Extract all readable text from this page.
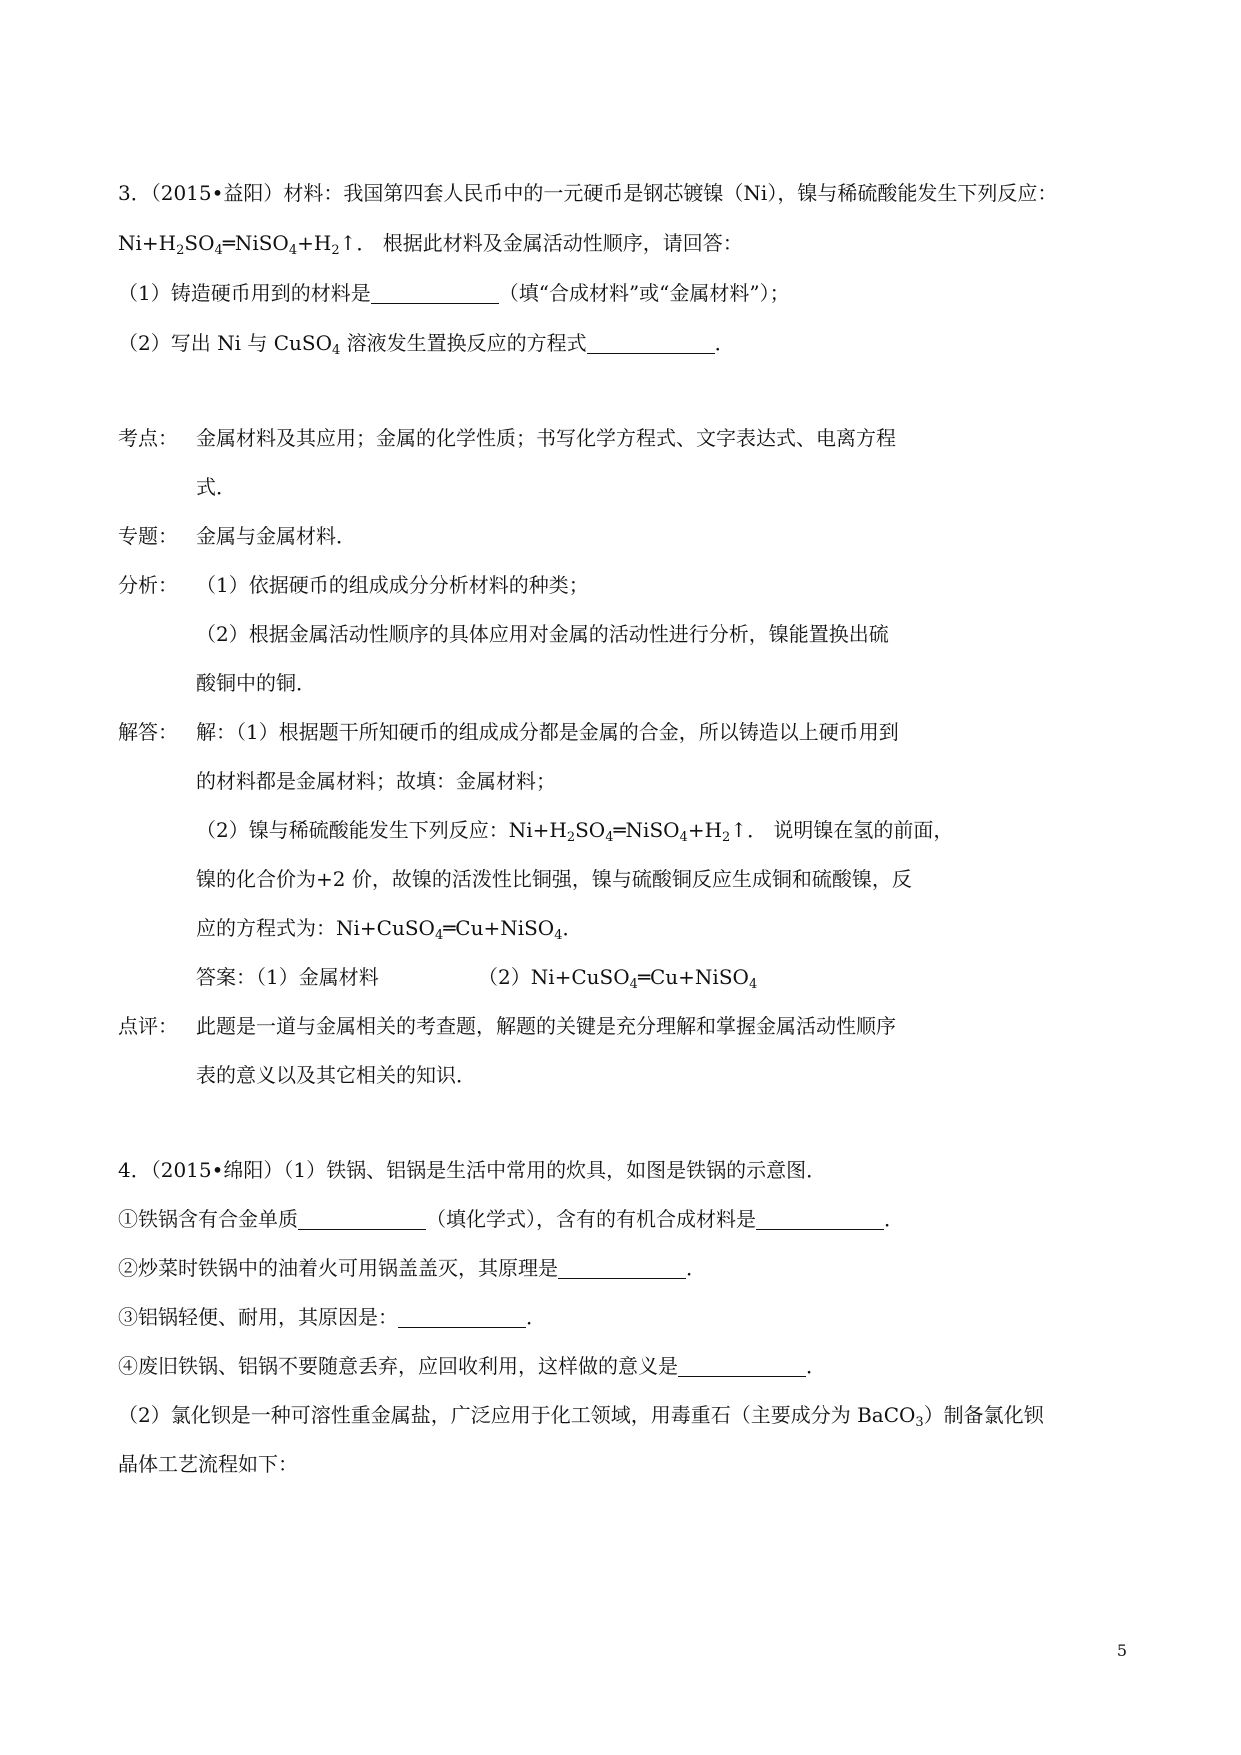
3．（2015•益阳）材料：我国第四套人民币中的一元硬币是钢芯镀镍（Ni），镍与稀硫酸能发生下列反应：
$Ni+H_2SO_4═NiSO_4+H_2↑$． 根据此材料及金属活动性顺序，请回答：
（1）铸造硬币用到的材料是	（填“合成材料”或“金属材料”）；
（2）写出 Ni 与 CuSO$_4$ 溶液发生置换反应的方程式	．
考点： 金属材料及其应用；金属的化学性质；书写化学方程式、文字表达式、电离方程
式．
专题： 金属与金属材料．
分析： （1）依据硬币的组成成分分析材料的种类；
（2）根据金属活动性顺序的具体应用对金属的活动性进行分析，镍能置换出硫
酸铜中的铜．
解答： 解：（1）根据题干所知硬币的组成成分都是金属的合金，所以铸造以上硬币用到
的材料都是金属材料；故填：金属材料；
（2）镍与稀硫酸能发生下列反应：$Ni+H_2SO_4═NiSO_4+H_2↑$． 说明镍在氢的前面，
镍的化合价为+2 价，故镍的活泼性比铜强，镍与硫酸铜反应生成铜和硫酸镍，反
应的方程式为：Ni+CuSO$_4$═Cu+NiSO$_4$．
答案：（1）金属材料	（2）Ni+CuSO$_4$═Cu+NiSO$_4$
点评： 此题是一道与金属相关的考查题，解题的关键是充分理解和掌握金属活动性顺序
表的意义以及其它相关的知识．
4．（2015•绵阳）（1）铁锅、铝锅是生活中常用的炊具，如图是铁锅的示意图．
①铁锅含有合金单质	（填化学式），含有的有机合成材料是	．
②炒菜时铁锅中的油着火可用锅盖盖灭，其原理是	．
③铝锅轻便、耐用，其原因是：	．
④废旧铁锅、铝锅不要随意丢弃，应回收利用，这样做的意义是	．
（2）氯化钡是一种可溶性重金属盐，广泛应用于化工领域，用毒重石（主要成分为 BaCO$_3$）制备氯化钡
晶体工艺流程如下：
5
